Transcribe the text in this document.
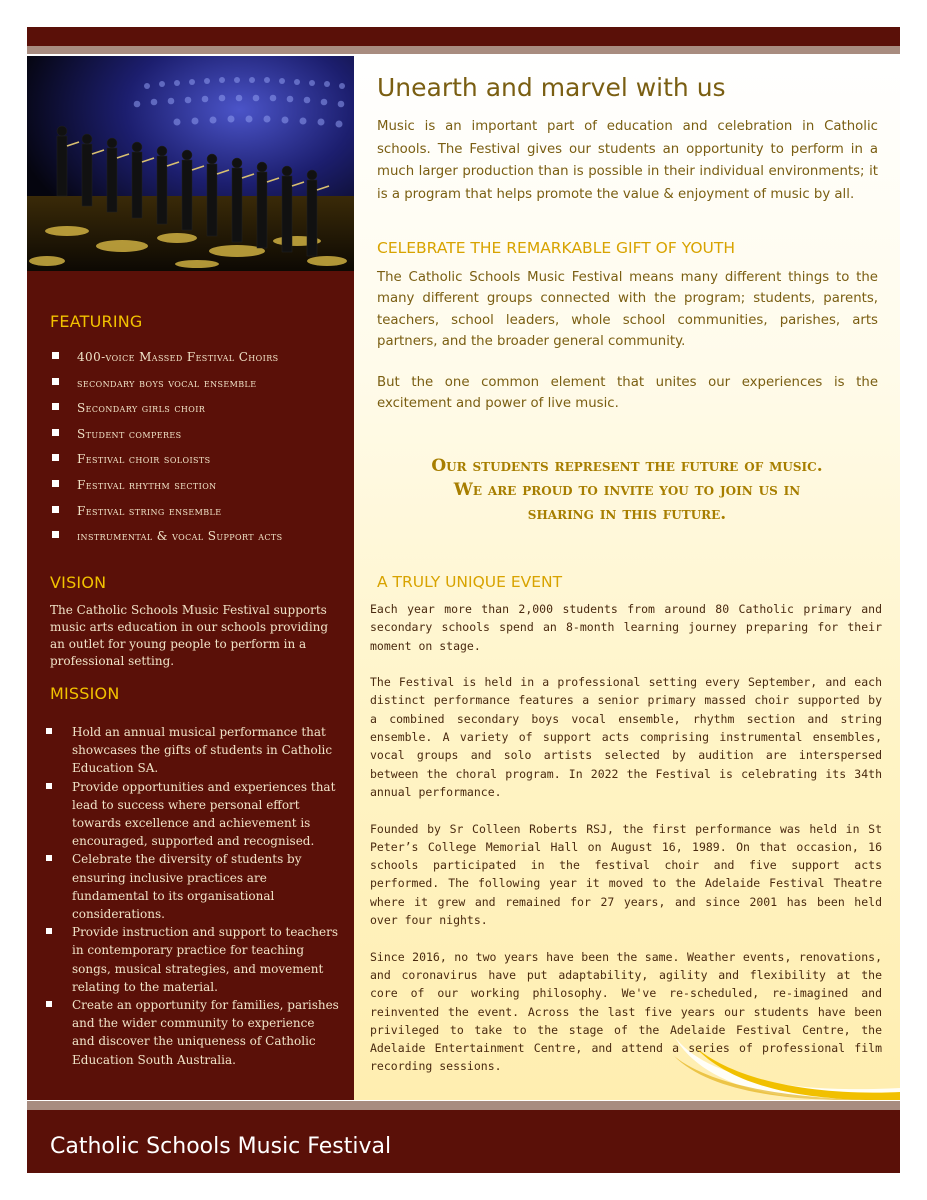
FEATURING
400-voice Massed Festival Choirs
secondary boys vocal ensemble
Secondary girls choir
Student comperes
Festival choir soloists
Festival rhythm section
Festival string ensemble
instrumental & vocal Support acts
VISION
The Catholic Schools Music Festival supports music arts education in our schools providing an outlet for young people to perform in a professional setting.
MISSION
Hold an annual musical performance that showcases the gifts of students in Catholic Education SA.
Provide opportunities and experiences that lead to success where personal effort towards excellence and achievement is encouraged, supported and recognised.
Celebrate the diversity of students by ensuring inclusive practices are fundamental to its organisational considerations.
Provide instruction and support to teachers in contemporary practice for teaching songs, musical strategies, and movement relating to the material.
Create an opportunity for families, parishes and the wider community to experience and discover the uniqueness of Catholic Education South Australia.
Unearth and marvel with us
Music is an important part of education and celebration in Catholic schools. The Festival gives our students an opportunity to perform in a much larger production than is possible in their individual environments; it is a program that helps promote the value & enjoyment of music by all.
CELEBRATE THE REMARKABLE GIFT OF YOUTH
The Catholic Schools Music Festival means many different things to the many different groups connected with the program; students, parents, teachers, school leaders, whole school communities, parishes, arts partners, and the broader general community.
But the one common element that unites our experiences is the excitement and power of live music.
Our students represent the future of music.
We are proud to invite you to join us in
sharing in this future.
A TRULY UNIQUE EVENT

Each year more than 2,000 students from around 80 Catholic primary and secondary schools spend an 8-month learning journey preparing for their moment on stage.

The Festival is held in a professional setting every September, and each distinct performance features a senior primary massed choir supported by a combined secondary boys vocal ensemble, rhythm section and string ensemble. A variety of support acts comprising instrumental ensembles, vocal groups and solo artists selected by audition are interspersed between the choral program. In 2022 the Festival is celebrating its 34th annual performance.

Founded by Sr Colleen Roberts RSJ, the first performance was held in St Peter’s College Memorial Hall on August 16, 1989. On that occasion, 16 schools participated in the festival choir and five support acts performed. The following year it moved to the Adelaide Festival Theatre where it grew and remained for 27 years, and since 2001 has been held over four nights.

Since 2016, no two years have been the same. Weather events, renovations, and coronavirus have put adaptability, agility and flexibility at the core of our working philosophy. We've re-scheduled, re-imagined and reinvented the event. Across the last five years our students have been privileged to take to the stage of the Adelaide Festival Centre, the Adelaide Entertainment Centre, and attend a series of professional film recording sessions.

Catholic Schools Music Festival
